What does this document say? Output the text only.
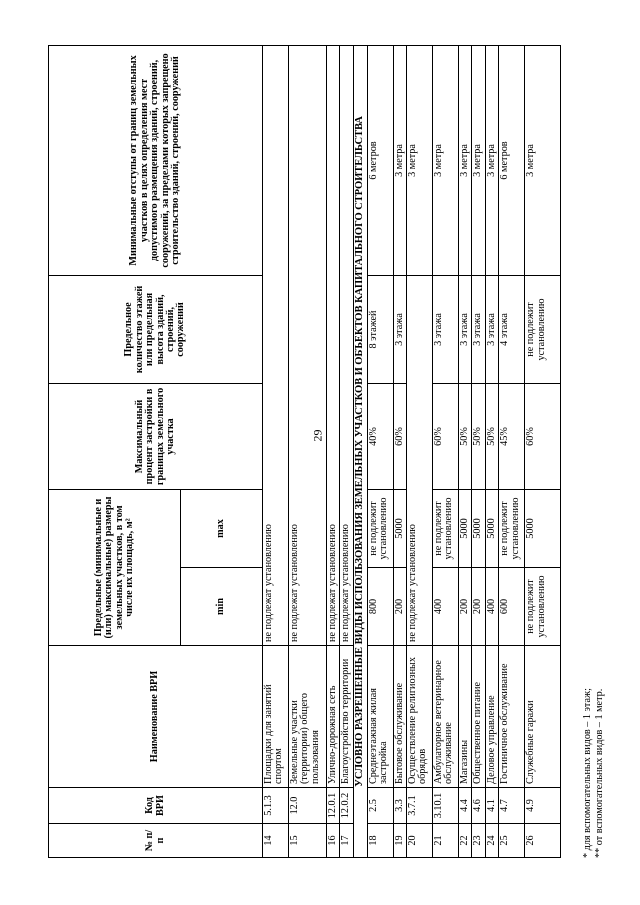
29
№ п/п	Код ВРИ	Наименование ВРИ	Предельные (минимальные и (или) максимальные) размеры земельных участков, в том числе их площадь, м²		Максимальный процент застройки в границах земельного участка	Предельное количество этажей или предельная высота зданий, строений, сооружений	Минимальные отступы от границ земельных участков в целях определения мест допустимого размещения зданий, строений, сооружений, за пределами которых запрещено строительство зданий, строений, сооружений
			min	max			
14	5.1.3	Площадки для занятий спортом	не подлежат установлению				
15	12.0	Земельные участки (территории) общего пользования	не подлежат установлению				
16	12.0.1	Улично-дорожная сеть	не подлежат установлению				
17	12.0.2	Благоустройство территории	не подлежат установлению				
УСЛОВНО РАЗРЕШЕННЫЕ ВИДЫ ИСПОЛЬЗОВАНИЯ ЗЕМЕЛЬНЫХ УЧАСТКОВ И ОБЪЕКТОВ КАПИТАЛЬНОГО СТРОИТЕЛЬСТВА							
18	2.5	Среднеэтажная жилая застройка	800	не подлежит установлению	40%	8 этажей	6 метров
19	3.3	Бытовое обслуживание	200	5000	60%	3 этажа	3 метра
20	3.7.1	Осуществление религиозных обрядов	не подлежат установлению				3 метра
21	3.10.1	Амбулаторное ветеринарное обслуживание	400	не подлежит установлению	60%	3 этажа	3 метра
22	4.4	Магазины	200	5000	50%	3 этажа	3 метра
23	4.6	Общественное питание	200	5000	50%	3 этажа	3 метра
24	4.1	Деловое управление	400	5000	50%	3 этажа	3 метра
25	4.7	Гостиничное обслуживание	600	не подлежит установлению	45%	4 этажа	6 метров
26	4.9	Служебные гаражи	не подлежит установлению	5000	60%	не подлежит установлению	3 метра
* для вспомогательных видов – 1 этаж; ** от вспомогательных видов – 1 метр.
